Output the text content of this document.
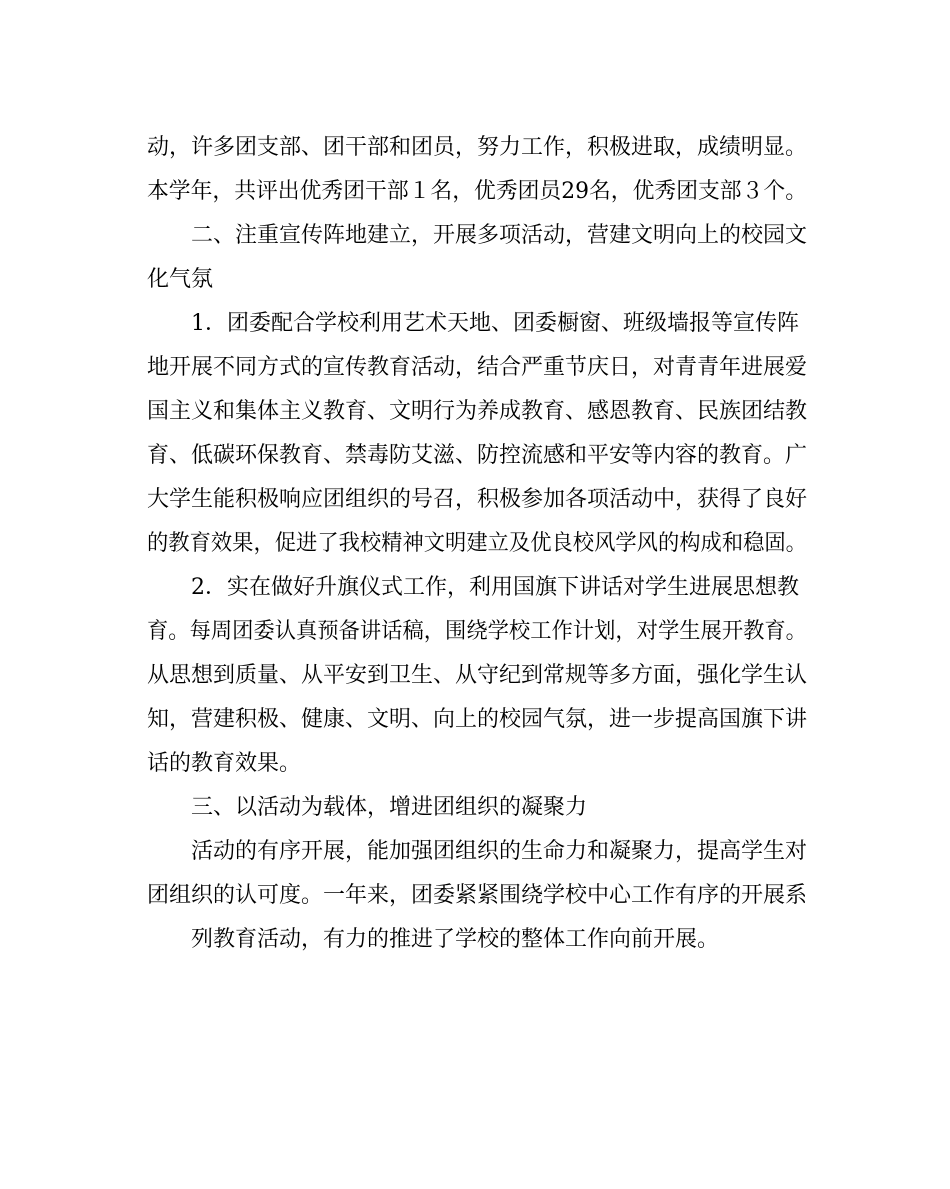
动，许多团支部、团干部和团员，努力工作，积极进取，成绩明显。
本学年，共评出优秀团干部１名，优秀团员29名，优秀团支部３个。
二、注重宣传阵地建立，开展多项活动，营建文明向上的校园文
化气氛
1．团委配合学校利用艺术天地、团委橱窗、班级墙报等宣传阵
地开展不同方式的宣传教育活动，结合严重节庆日，对青青年进展爱
国主义和集体主义教育、文明行为养成教育、感恩教育、民族团结教
育、低碳环保教育、禁毒防艾滋、防控流感和平安等内容的教育。广
大学生能积极响应团组织的号召，积极参加各项活动中，获得了良好
的教育效果，促进了我校精神文明建立及优良校风学风的构成和稳固。
2．实在做好升旗仪式工作，利用国旗下讲话对学生进展思想教
育。每周团委认真预备讲话稿，围绕学校工作计划，对学生展开教育。
从思想到质量、从平安到卫生、从守纪到常规等多方面，强化学生认
知，营建积极、健康、文明、向上的校园气氛，进一步提高国旗下讲
话的教育效果。
三、以活动为载体，增进团组织的凝聚力
活动的有序开展，能加强团组织的生命力和凝聚力，提高学生对
团组织的认可度。一年来，团委紧紧围绕学校中心工作有序的开展系
列教育活动，有力的推进了学校的整体工作向前开展。
